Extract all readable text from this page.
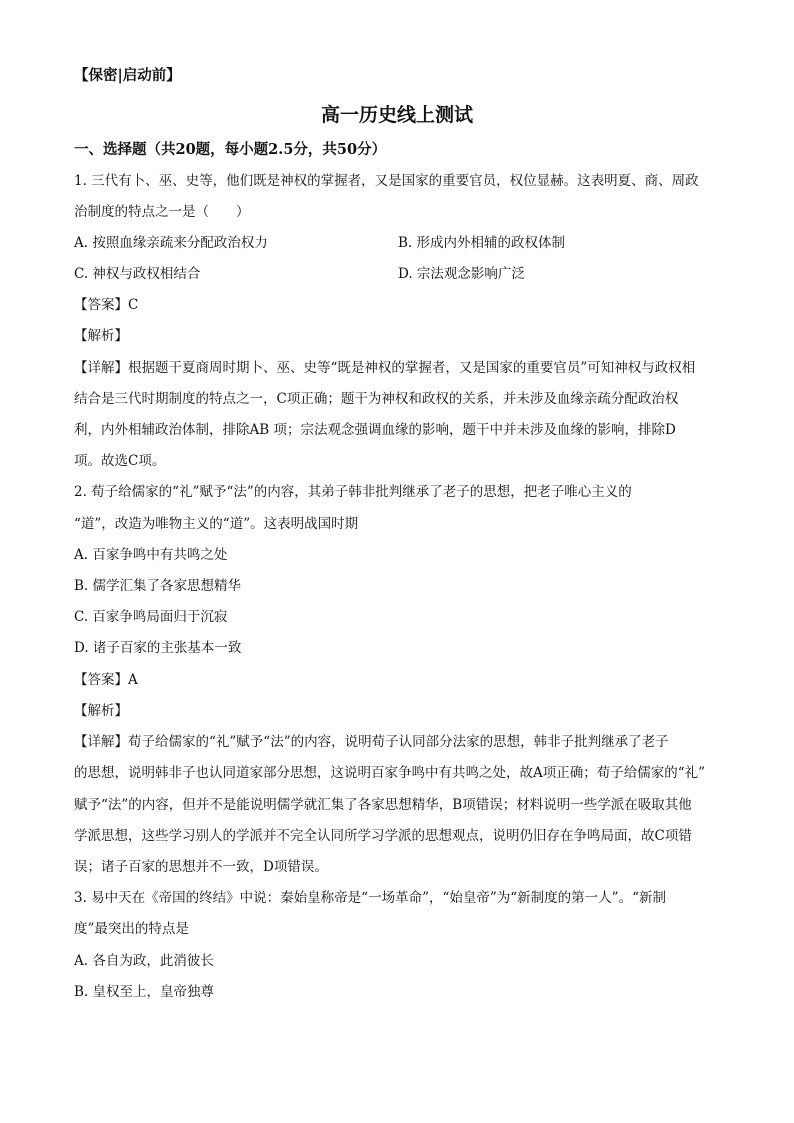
【保密|启动前】
高一历史线上测试
一、选择题（共20题，每小题2.5分，共50分）
1. 三代有卜、巫、史等，他们既是神权的掌握者，又是国家的重要官员，权位显赫。这表明夏、商、周政
治制度的特点之一是（　　）
A. 按照血缘亲疏来分配政治权力	B. 形成内外相辅的政权体制
C. 神权与政权相结合	D. 宗法观念影响广泛
【答案】C
【解析】
【详解】根据题干夏商周时期卜、巫、史等“既是神权的掌握者，又是国家的重要官员”可知神权与政权相
结合是三代时期制度的特点之一，C项正确；题干为神权和政权的关系，并未涉及血缘亲疏分配政治权
利，内外相辅政治体制，排除AB 项；宗法观念强调血缘的影响，题干中并未涉及血缘的影响，排除D
项。故选C项。
2. 荀子给儒家的“礼”赋予“法”的内容，其弟子韩非批判继承了老子的思想，把老子唯心主义的
“道”，改造为唯物主义的“道”。这表明战国时期
A. 百家争鸣中有共鸣之处
B. 儒学汇集了各家思想精华
C. 百家争鸣局面归于沉寂
D. 诸子百家的主张基本一致
【答案】A
【解析】
【详解】荀子给儒家的“礼”赋予“法”的内容，说明荀子认同部分法家的思想，韩非子批判继承了老子
的思想，说明韩非子也认同道家部分思想，这说明百家争鸣中有共鸣之处，故A项正确；荀子给儒家的“礼”
赋予“法”的内容，但并不是能说明儒学就汇集了各家思想精华，B项错误；材料说明一些学派在吸取其他
学派思想，这些学习别人的学派并不完全认同所学习学派的思想观点，说明仍旧存在争鸣局面，故C项错
误；诸子百家的思想并不一致，D项错误。
3. 易中天在《帝国的终结》中说：秦始皇称帝是“一场革命”，“始皇帝”为“新制度的第一人”。“新制
度”最突出的特点是
A. 各自为政，此消彼长
B. 皇权至上，皇帝独尊
